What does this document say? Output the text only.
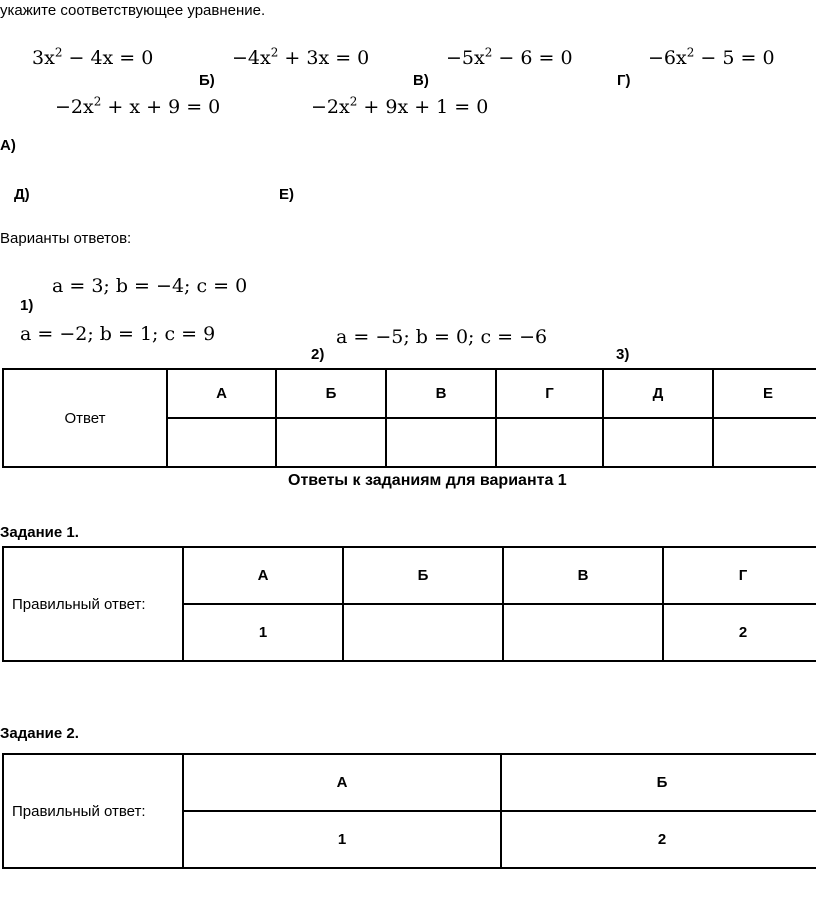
укажите соответствующее уравнение.
$3x^2 - 4x = 0$	$-4x^2 + 3x = 0$	$-5x^2 - 6 = 0$	$-6x^2 - 5 = 0$
Б)	В)	Г)
$-2x^2 + x + 9 = 0$	$-2x^2 + 9x + 1 = 0$
А)
Д)	Е)
Варианты ответов:
a = 3; b = −4; c = 0
1)
a = −2; b = 1; c = 9
2)
a = −5; b = 0; c = −6
3)
Ответ	А	Б	В	Г	Д	Е

Ответы к заданиям для варианта 1
Задание 1.
Правильный ответ:	А	Б	В	Г
	1			2
Задание 2.
Правильный ответ:	А	Б
	1	2
